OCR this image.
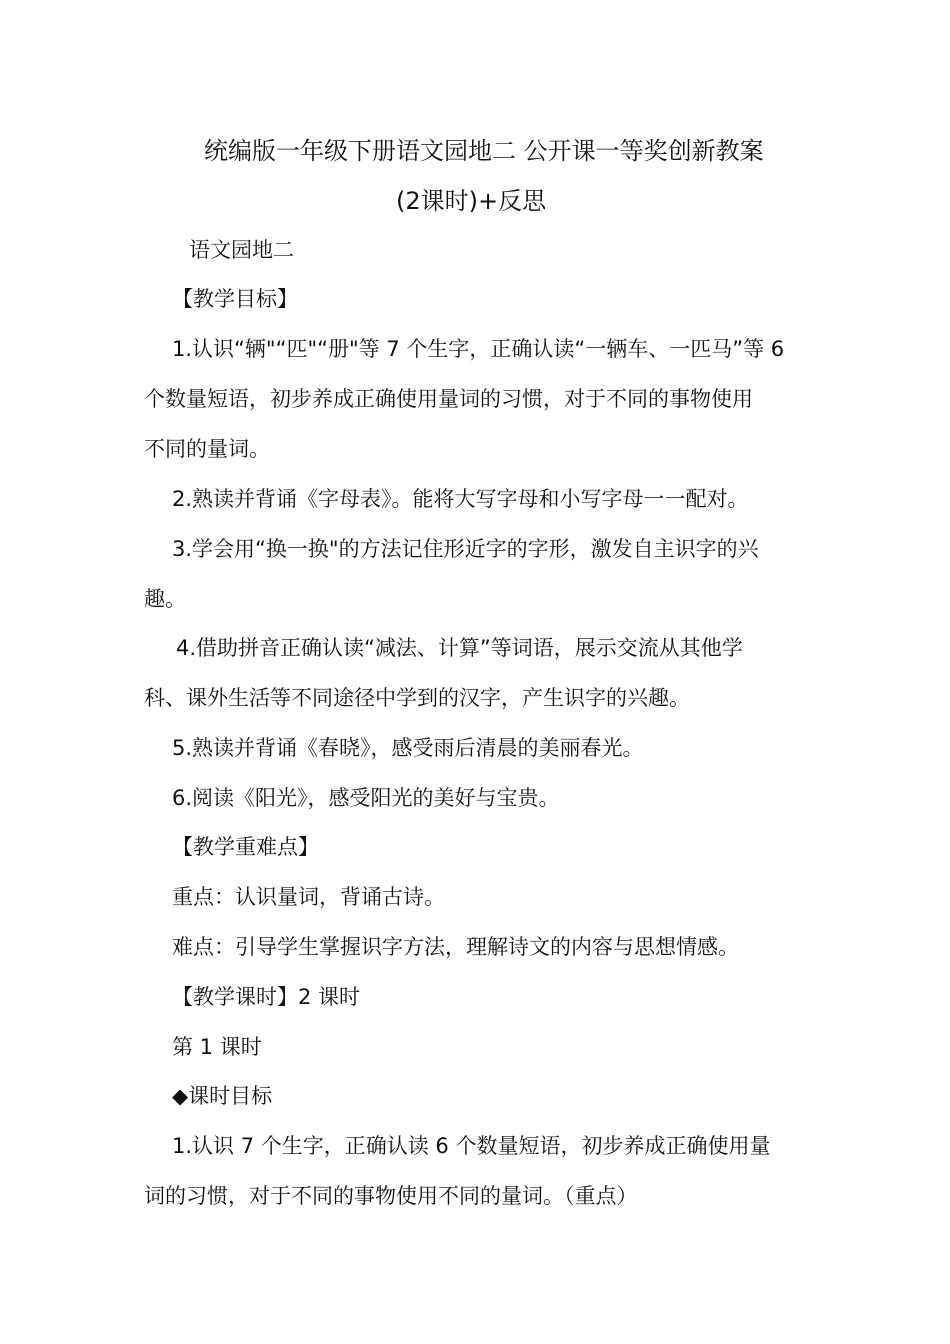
统编版一年级下册语文园地二 公开课一等奖创新教案

(2课时)+反思

语文园地二

【教学目标】

1.认识“辆"“匹"“册"等 7 个生字，正确认读“一辆车、一匹马”等 6

个数量短语，初步养成正确使用量词的习惯，对于不同的事物使用

不同的量词。

2.熟读并背诵《字母表》。能将大写字母和小写字母一一配对。

3.学会用“换一换"的方法记住形近字的字形，激发自主识字的兴

趣。

4.借助拼音正确认读“减法、计算”等词语，展示交流从其他学

科、课外生活等不同途径中学到的汉字，产生识字的兴趣。

5.熟读并背诵《春晓》，感受雨后清晨的美丽春光。

6.阅读《阳光》，感受阳光的美好与宝贵。

【教学重难点】

重点：认识量词，背诵古诗。

难点：引导学生掌握识字方法，理解诗文的内容与思想情感。

【教学课时】2 课时

第 1 课时

◆课时目标

1.认识 7 个生字，正确认读 6 个数量短语，初步养成正确使用量

词的习惯，对于不同的事物使用不同的量词。（重点）
